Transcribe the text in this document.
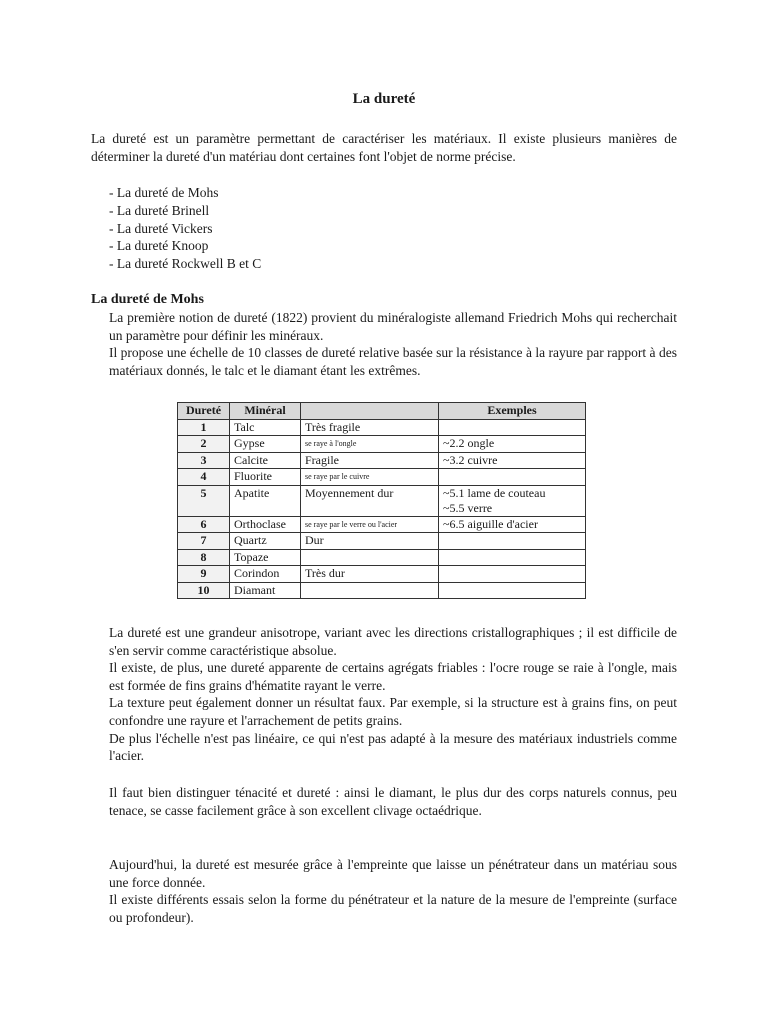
La dureté
La dureté est un paramètre permettant de caractériser les matériaux. Il existe plusieurs manières de déterminer la dureté d'un matériau dont certaines font l'objet de norme précise.
- La dureté de Mohs
- La dureté Brinell
- La dureté Vickers
- La dureté Knoop
- La dureté Rockwell B et C
La dureté de Mohs
La première notion de dureté (1822) provient du minéralogiste allemand Friedrich Mohs qui recherchait un paramètre pour définir les minéraux.
Il propose une échelle de 10 classes de dureté relative basée sur la résistance à la rayure par rapport à des matériaux donnés, le talc et le diamant étant les extrêmes.
Dureté	Minéral		Exemples
1	Talc	Très fragile	
2	Gypse	se raye à l'ongle	~2.2 ongle
3	Calcite	Fragile	~3.2 cuivre
4	Fluorite	se raye par le cuivre	
5	Apatite	Moyennement dur	~5.1 lame de couteau
~5.5 verre
6	Orthoclase	se raye par le verre ou l'acier	~6.5 aiguille d'acier
7	Quartz	Dur	
8	Topaze		
9	Corindon	Très dur	
10	Diamant		
La dureté est une grandeur anisotrope, variant avec les directions cristallographiques ; il est difficile de s'en servir comme caractéristique absolue.
Il existe, de plus, une dureté apparente de certains agrégats friables : l'ocre rouge se raie à l'ongle, mais est formée de fins grains d'hématite rayant le verre.
La texture peut également donner un résultat faux. Par exemple, si la structure est à grains fins, on peut confondre une rayure et l'arrachement de petits grains.
De plus l'échelle n'est pas linéaire, ce qui n'est pas adapté à la mesure des matériaux industriels comme l'acier.
Il faut bien distinguer ténacité et dureté : ainsi le diamant, le plus dur des corps naturels connus, peu tenace, se casse facilement grâce à son excellent clivage octaédrique.
Aujourd'hui, la dureté est mesurée grâce à l'empreinte que laisse un pénétrateur dans un matériau sous une force donnée.
Il existe différents essais selon la forme du pénétrateur et la nature de la mesure de l'empreinte (surface ou profondeur).
